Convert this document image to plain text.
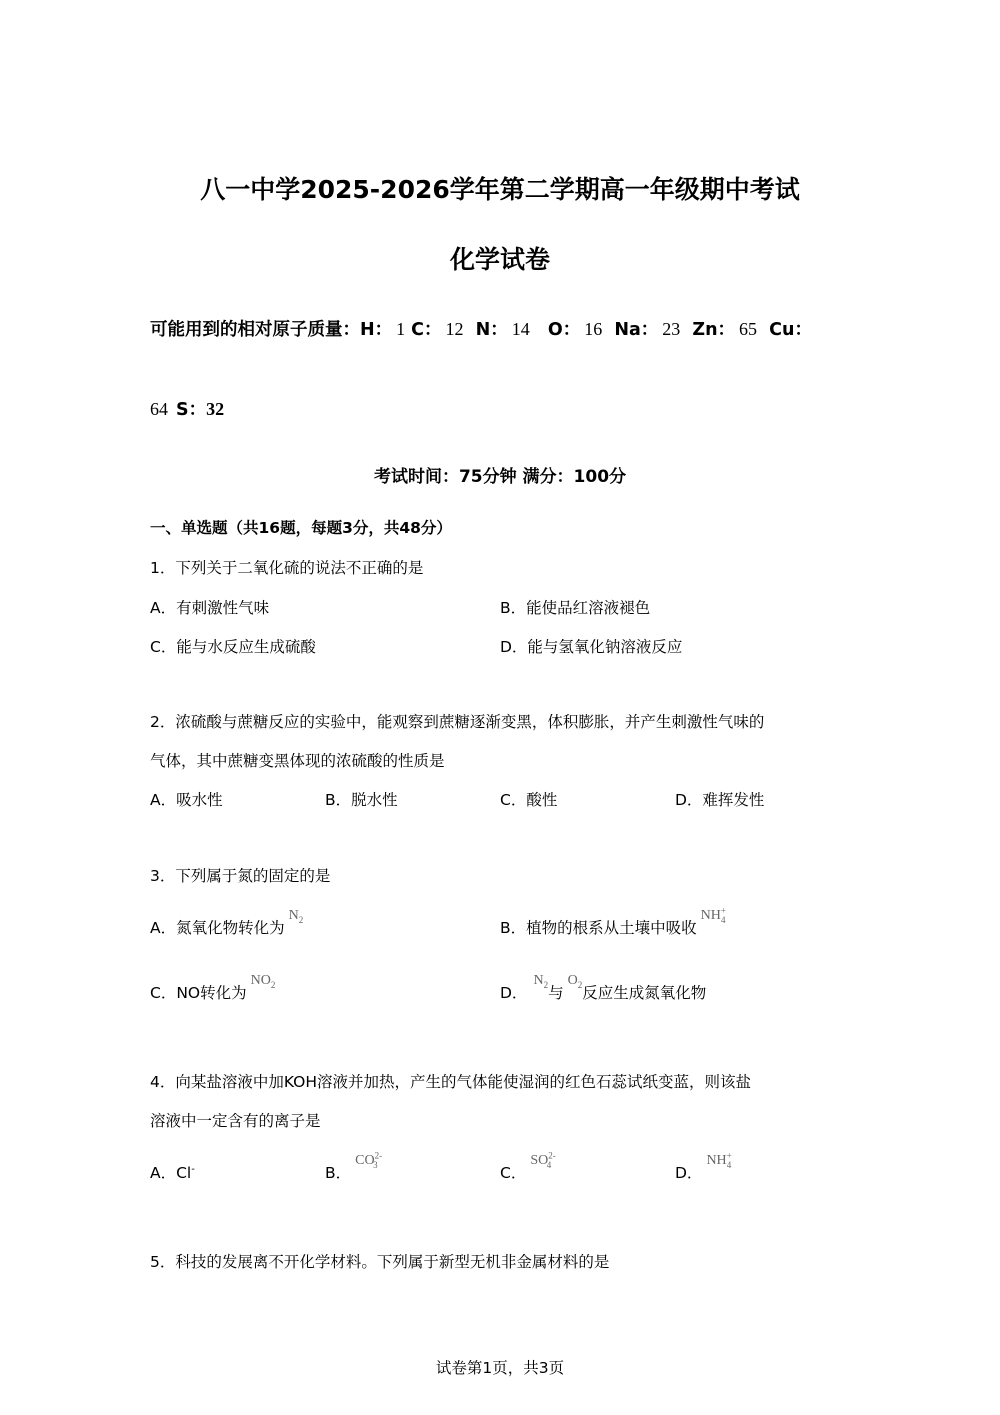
八一中学2025-2026学年第二学期高一年级期中考试
化学试卷
可能用到的相对原子质量：H： 1 C： 12 N： 14 O： 16 Na： 23 Zn： 65 Cu：
64 S：32
考试时间：75分钟 满分：100分
一、单选题（共16题，每题3分，共48分）
1．下列关于二氧化硫的说法不正确的是
A．有刺激性气味	B．能使品红溶液褪色
C．能与水反应生成硫酸	D．能与氢氧化钠溶液反应
2．浓硫酸与蔗糖反应的实验中，能观察到蔗糖逐渐变黑，体积膨胀，并产生刺激性气味的
气体，其中蔗糖变黑体现的浓硫酸的性质是
A．吸水性	B．脱水性	C．酸性	D．难挥发性
3．下列属于氮的固定的是
A．氮氧化物转化为$N_2$	B．植物的根系从土壤中吸收$NH^+_4$
C．NO转化为$NO_2$	D．$N_2$与$O_2$反应生成氮氧化物
4．向某盐溶液中加KOH溶液并加热，产生的气体能使湿润的红色石蕊试纸变蓝，则该盐
溶液中一定含有的离子是
A．Cl-	B．$CO^{2-}_3$	C．$SO^{2-}_4$	D．$NH^+_4$
5．科技的发展离不开化学材料。下列属于新型无机非金属材料的是
试卷第1页，共3页
